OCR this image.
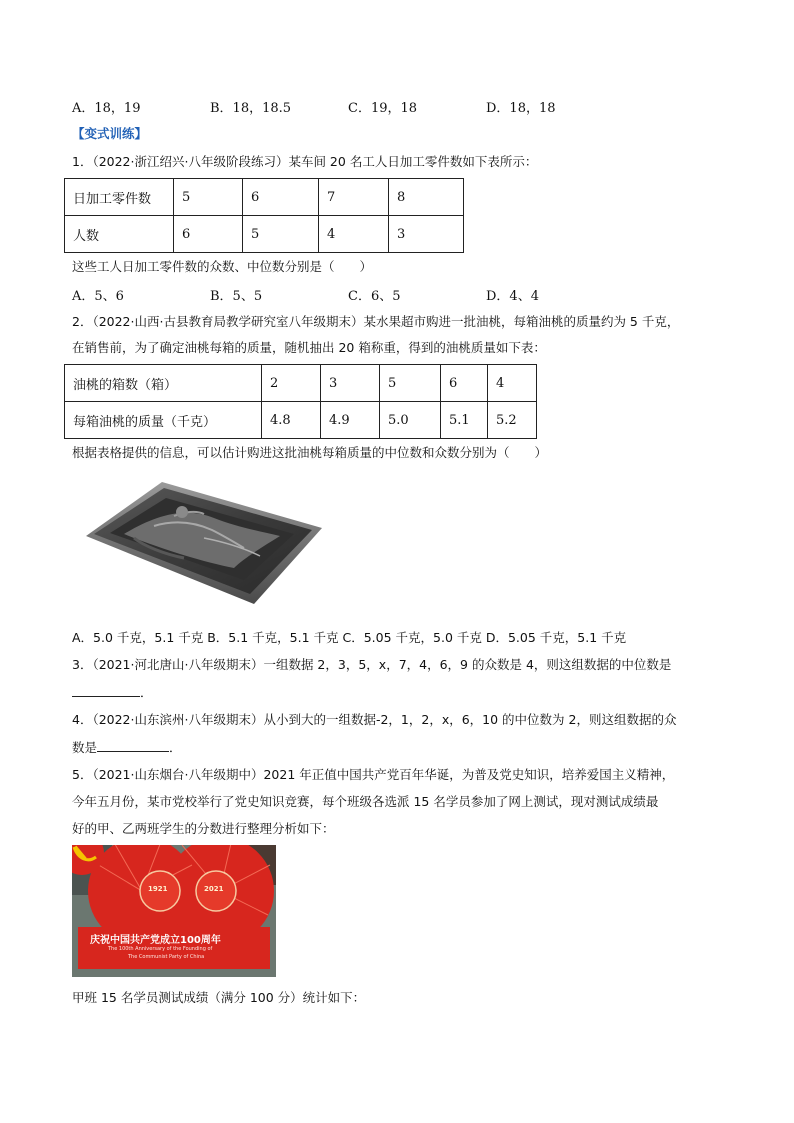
A．18，19	B．18，18.5	C．19，18	D．18，18
【变式训练】
1．（2022·浙江绍兴·八年级阶段练习）某车间 20 名工人日加工零件数如下表所示：
日加工零件数	5	6	7	8
人数	6	5	4	3
这些工人日加工零件数的众数、中位数分别是（　　）
A．5、6	B．5、5	C．6、5	D．4、4
2．（2022·山西·古县教育局教学研究室八年级期末）某水果超市购进一批油桃，每箱油桃的质量约为 5 千克，
在销售前，为了确定油桃每箱的质量，随机抽出 20 箱称重，得到的油桃质量如下表：
油桃的箱数（箱）	2	3	5	6	4
每箱油桃的质量（千克）	4.8	4.9	5.0	5.1	5.2
根据表格提供的信息，可以估计购进这批油桃每箱质量的中位数和众数分别为（　　）
A．5.0 千克，5.1 千克 B．5.1 千克，5.1 千克 C．5.05 千克，5.0 千克 D．5.05 千克，5.1 千克
3．（2021·河北唐山·八年级期末）一组数据 2，3，5，x，7，4，6，9 的众数是 4，则这组数据的中位数是
．
4．（2022·山东滨州·八年级期末）从小到大的一组数据-2，1，2，x，6，10 的中位数为 2，则这组数据的众
数是	．
5．（2021·山东烟台·八年级期中）2021 年正值中国共产党百年华诞，为普及党史知识，培养爱国主义精神，
今年五月份，某市党校举行了党史知识竞赛，每个班级各选派 15 名学员参加了网上测试，现对测试成绩最
好的甲、乙两班学生的分数进行整理分析如下：
1921	2021
庆祝中国共产党成立100周年
The 100th Anniversary of the Founding of
The Communist Party of China
甲班 15 名学员测试成绩（满分 100 分）统计如下：
